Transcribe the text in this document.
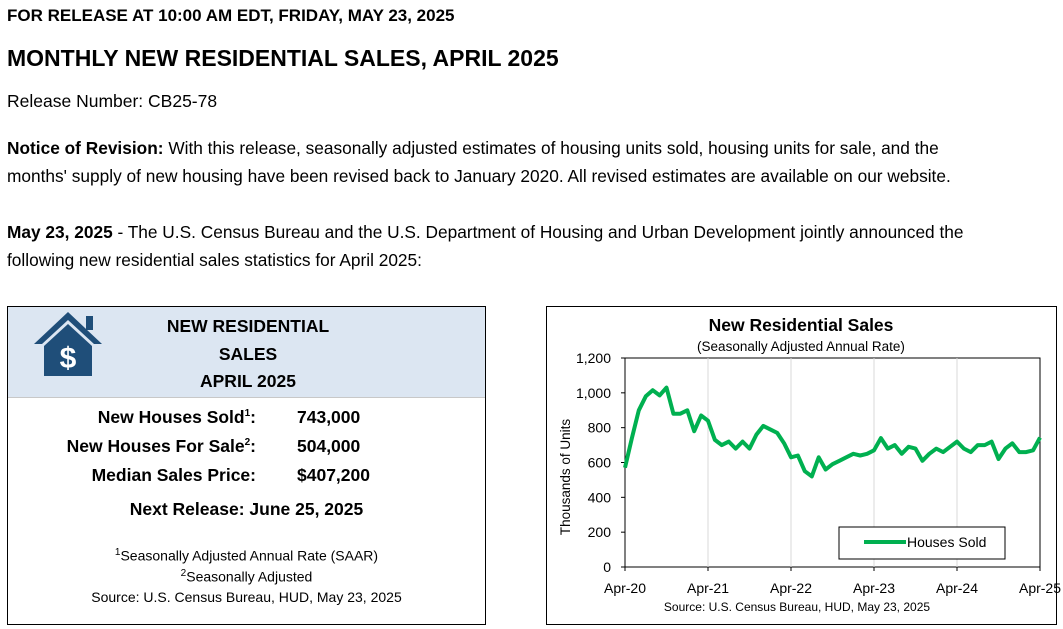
FOR RELEASE AT 10:00 AM EDT, FRIDAY, MAY 23, 2025
MONTHLY NEW RESIDENTIAL SALES, APRIL 2025
Release Number: CB25-78
Notice of Revision: With this release, seasonally adjusted estimates of housing units sold, housing units for sale, and the
months' supply of new housing have been revised back to January 2020. All revised estimates are available on our website.
May 23, 2025 - The U.S. Census Bureau and the U.S. Department of Housing and Urban Development jointly announced the
following new residential sales statistics for April 2025:
$
NEW RESIDENTIAL
SALES
APRIL 2025
New Houses Sold$^1$: 743,000
New Houses For Sale$^2$: 504,000
Median Sales Price: $407,200
Next Release: June 25, 2025
$^1$Seasonally Adjusted Annual Rate (SAAR)
$^2$Seasonally Adjusted
Source: U.S. Census Bureau, HUD, May 23, 2025
New Residential Sales
(Seasonally Adjusted Annual Rate)
Thousands of Units
0
200
400
600
800
1,000
1,200
Apr-20	Apr-21	Apr-22	Apr-23	Apr-24	Apr-25
Houses Sold
Source: U.S. Census Bureau, HUD, May 23, 2025
